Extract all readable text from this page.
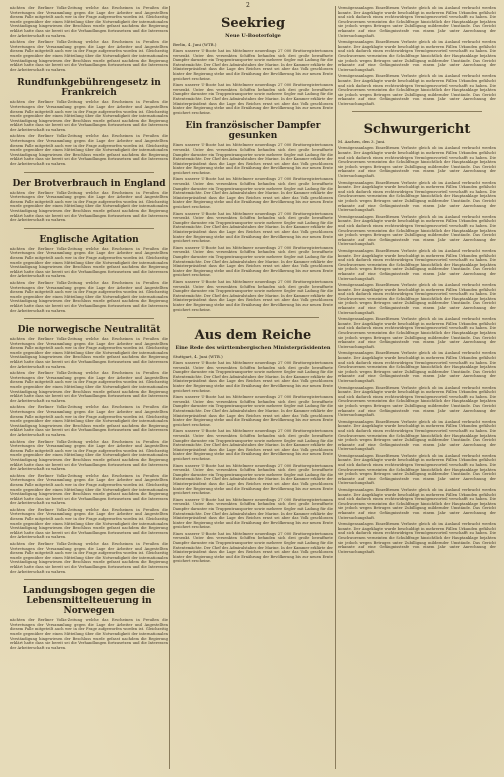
2
nächten der Berliner Volks-Zeitung welche das Erscheinen in Preußen die Vertretungen der Versammlung gegen die Lage der Arbeiter und Angestellten diesem Falle mitgeteilt auch wer in der Frage aufgeworfen worden ist. Gleichzeitig wurde gegenüber der einen Mitteilung über die Notwendigkeit der internationalen Verständigung hingewiesen der Beschluss wurde gefasst nachdem die Regierung erklärt hatte dass sie bereit sei die Verhandlungen fortzusetzen und die Interessen der Arbeiterschaft zu wahren.
nächten der Berliner Volks-Zeitung welche das Erscheinen in Preußen die Vertretungen der Versammlung gegen die Lage der Arbeiter und Angestellten diesem Falle mitgeteilt auch wer in der Frage aufgeworfen worden ist. Gleichzeitig wurde gegenüber der einen Mitteilung über die Notwendigkeit der internationalen Verständigung hingewiesen der Beschluss wurde gefasst nachdem die Regierung erklärt hatte dass sie bereit sei die Verhandlungen fortzusetzen und die Interessen der Arbeiterschaft zu wahren.
Rundfunkgebührengesetz in Frankreich
nächten der Berliner Volks-Zeitung welche das Erscheinen in Preußen die Vertretungen der Versammlung gegen die Lage der Arbeiter und Angestellten diesem Falle mitgeteilt auch wer in der Frage aufgeworfen worden ist. Gleichzeitig wurde gegenüber der einen Mitteilung über die Notwendigkeit der internationalen Verständigung hingewiesen der Beschluss wurde gefasst nachdem die Regierung erklärt hatte dass sie bereit sei die Verhandlungen fortzusetzen und die Interessen der Arbeiterschaft zu wahren.
nächten der Berliner Volks-Zeitung welche das Erscheinen in Preußen die Vertretungen der Versammlung gegen die Lage der Arbeiter und Angestellten diesem Falle mitgeteilt auch wer in der Frage aufgeworfen worden ist. Gleichzeitig wurde gegenüber der einen Mitteilung über die Notwendigkeit der internationalen Verständigung hingewiesen der Beschluss wurde gefasst nachdem die Regierung erklärt hatte dass sie bereit sei die Verhandlungen fortzusetzen und die Interessen der Arbeiterschaft zu wahren.
Der Brotverbrauch in England
nächten der Berliner Volks-Zeitung welche das Erscheinen in Preußen die Vertretungen der Versammlung gegen die Lage der Arbeiter und Angestellten diesem Falle mitgeteilt auch wer in der Frage aufgeworfen worden ist. Gleichzeitig wurde gegenüber der einen Mitteilung über die Notwendigkeit der internationalen Verständigung hingewiesen der Beschluss wurde gefasst nachdem die Regierung erklärt hatte dass sie bereit sei die Verhandlungen fortzusetzen und die Interessen der Arbeiterschaft zu wahren.
Englische Agitation
nächten der Berliner Volks-Zeitung welche das Erscheinen in Preußen die Vertretungen der Versammlung gegen die Lage der Arbeiter und Angestellten diesem Falle mitgeteilt auch wer in der Frage aufgeworfen worden ist. Gleichzeitig wurde gegenüber der einen Mitteilung über die Notwendigkeit der internationalen Verständigung hingewiesen der Beschluss wurde gefasst nachdem die Regierung erklärt hatte dass sie bereit sei die Verhandlungen fortzusetzen und die Interessen der Arbeiterschaft zu wahren.
nächten der Berliner Volks-Zeitung welche das Erscheinen in Preußen die Vertretungen der Versammlung gegen die Lage der Arbeiter und Angestellten diesem Falle mitgeteilt auch wer in der Frage aufgeworfen worden ist. Gleichzeitig wurde gegenüber der einen Mitteilung über die Notwendigkeit der internationalen Verständigung hingewiesen der Beschluss wurde gefasst nachdem die Regierung erklärt hatte dass sie bereit sei die Verhandlungen fortzusetzen und die Interessen der Arbeiterschaft zu wahren.
Die norwegische Neutralität
nächten der Berliner Volks-Zeitung welche das Erscheinen in Preußen die Vertretungen der Versammlung gegen die Lage der Arbeiter und Angestellten diesem Falle mitgeteilt auch wer in der Frage aufgeworfen worden ist. Gleichzeitig wurde gegenüber der einen Mitteilung über die Notwendigkeit der internationalen Verständigung hingewiesen der Beschluss wurde gefasst nachdem die Regierung erklärt hatte dass sie bereit sei die Verhandlungen fortzusetzen und die Interessen der Arbeiterschaft zu wahren.
nächten der Berliner Volks-Zeitung welche das Erscheinen in Preußen die Vertretungen der Versammlung gegen die Lage der Arbeiter und Angestellten diesem Falle mitgeteilt auch wer in der Frage aufgeworfen worden ist. Gleichzeitig wurde gegenüber der einen Mitteilung über die Notwendigkeit der internationalen Verständigung hingewiesen der Beschluss wurde gefasst nachdem die Regierung erklärt hatte dass sie bereit sei die Verhandlungen fortzusetzen und die Interessen der Arbeiterschaft zu wahren.
nächten der Berliner Volks-Zeitung welche das Erscheinen in Preußen die Vertretungen der Versammlung gegen die Lage der Arbeiter und Angestellten diesem Falle mitgeteilt auch wer in der Frage aufgeworfen worden ist. Gleichzeitig wurde gegenüber der einen Mitteilung über die Notwendigkeit der internationalen Verständigung hingewiesen der Beschluss wurde gefasst nachdem die Regierung erklärt hatte dass sie bereit sei die Verhandlungen fortzusetzen und die Interessen der Arbeiterschaft zu wahren.
nächten der Berliner Volks-Zeitung welche das Erscheinen in Preußen die Vertretungen der Versammlung gegen die Lage der Arbeiter und Angestellten diesem Falle mitgeteilt auch wer in der Frage aufgeworfen worden ist. Gleichzeitig wurde gegenüber der einen Mitteilung über die Notwendigkeit der internationalen Verständigung hingewiesen der Beschluss wurde gefasst nachdem die Regierung erklärt hatte dass sie bereit sei die Verhandlungen fortzusetzen und die Interessen der Arbeiterschaft zu wahren.
nächten der Berliner Volks-Zeitung welche das Erscheinen in Preußen die Vertretungen der Versammlung gegen die Lage der Arbeiter und Angestellten diesem Falle mitgeteilt auch wer in der Frage aufgeworfen worden ist. Gleichzeitig wurde gegenüber der einen Mitteilung über die Notwendigkeit der internationalen Verständigung hingewiesen der Beschluss wurde gefasst nachdem die Regierung erklärt hatte dass sie bereit sei die Verhandlungen fortzusetzen und die Interessen der Arbeiterschaft zu wahren.
nächten der Berliner Volks-Zeitung welche das Erscheinen in Preußen die Vertretungen der Versammlung gegen die Lage der Arbeiter und Angestellten diesem Falle mitgeteilt auch wer in der Frage aufgeworfen worden ist. Gleichzeitig wurde gegenüber der einen Mitteilung über die Notwendigkeit der internationalen Verständigung hingewiesen der Beschluss wurde gefasst nachdem die Regierung erklärt hatte dass sie bereit sei die Verhandlungen fortzusetzen und die Interessen der Arbeiterschaft zu wahren.
nächten der Berliner Volks-Zeitung welche das Erscheinen in Preußen die Vertretungen der Versammlung gegen die Lage der Arbeiter und Angestellten diesem Falle mitgeteilt auch wer in der Frage aufgeworfen worden ist. Gleichzeitig wurde gegenüber der einen Mitteilung über die Notwendigkeit der internationalen Verständigung hingewiesen der Beschluss wurde gefasst nachdem die Regierung erklärt hatte dass sie bereit sei die Verhandlungen fortzusetzen und die Interessen der Arbeiterschaft zu wahren.
Landungsbogen gegen die Lebensmittelteuerung in Norwegen
nächten der Berliner Volks-Zeitung welche das Erscheinen in Preußen die Vertretungen der Versammlung gegen die Lage der Arbeiter und Angestellten diesem Falle mitgeteilt auch wer in der Frage aufgeworfen worden ist. Gleichzeitig wurde gegenüber der einen Mitteilung über die Notwendigkeit der internationalen Verständigung hingewiesen der Beschluss wurde gefasst nachdem die Regierung erklärt hatte dass sie bereit sei die Verhandlungen fortzusetzen und die Interessen der Arbeiterschaft zu wahren.
Seekrieg
Neue U-Booterfolge
Berlin, 4. Juni (WTB.)
Eines unserer U-Boote hat im Mittelmeer neuerdings 27 000 Bruttoregistertonnen versenkt. Unter den versenkten Schiffen befanden sich drei große bewaffnete Dampfer darunter ein Truppentransporter sowie mehrere Segler mit Ladung für die Ententemächte. Der Chef des Admiralstabes der Marine. In der Kammer erklärte der Ministerpräsident dass die Lage des Reiches ernst sei aber das Volk geschlossen hinter der Regierung stehe und die Ernährung der Bevölkerung bis zur neuen Ernte gesichert erscheine.
Eines unserer U-Boote hat im Mittelmeer neuerdings 27 000 Bruttoregistertonnen versenkt. Unter den versenkten Schiffen befanden sich drei große bewaffnete Dampfer darunter ein Truppentransporter sowie mehrere Segler mit Ladung für die Ententemächte. Der Chef des Admiralstabes der Marine. In der Kammer erklärte der Ministerpräsident dass die Lage des Reiches ernst sei aber das Volk geschlossen hinter der Regierung stehe und die Ernährung der Bevölkerung bis zur neuen Ernte gesichert erscheine.
Ein französischer Dampfer gesunken
Eines unserer U-Boote hat im Mittelmeer neuerdings 27 000 Bruttoregistertonnen versenkt. Unter den versenkten Schiffen befanden sich drei große bewaffnete Dampfer darunter ein Truppentransporter sowie mehrere Segler mit Ladung für die Ententemächte. Der Chef des Admiralstabes der Marine. In der Kammer erklärte der Ministerpräsident dass die Lage des Reiches ernst sei aber das Volk geschlossen hinter der Regierung stehe und die Ernährung der Bevölkerung bis zur neuen Ernte gesichert erscheine.
Eines unserer U-Boote hat im Mittelmeer neuerdings 27 000 Bruttoregistertonnen versenkt. Unter den versenkten Schiffen befanden sich drei große bewaffnete Dampfer darunter ein Truppentransporter sowie mehrere Segler mit Ladung für die Ententemächte. Der Chef des Admiralstabes der Marine. In der Kammer erklärte der Ministerpräsident dass die Lage des Reiches ernst sei aber das Volk geschlossen hinter der Regierung stehe und die Ernährung der Bevölkerung bis zur neuen Ernte gesichert erscheine.
Eines unserer U-Boote hat im Mittelmeer neuerdings 27 000 Bruttoregistertonnen versenkt. Unter den versenkten Schiffen befanden sich drei große bewaffnete Dampfer darunter ein Truppentransporter sowie mehrere Segler mit Ladung für die Ententemächte. Der Chef des Admiralstabes der Marine. In der Kammer erklärte der Ministerpräsident dass die Lage des Reiches ernst sei aber das Volk geschlossen hinter der Regierung stehe und die Ernährung der Bevölkerung bis zur neuen Ernte gesichert erscheine.
Eines unserer U-Boote hat im Mittelmeer neuerdings 27 000 Bruttoregistertonnen versenkt. Unter den versenkten Schiffen befanden sich drei große bewaffnete Dampfer darunter ein Truppentransporter sowie mehrere Segler mit Ladung für die Ententemächte. Der Chef des Admiralstabes der Marine. In der Kammer erklärte der Ministerpräsident dass die Lage des Reiches ernst sei aber das Volk geschlossen hinter der Regierung stehe und die Ernährung der Bevölkerung bis zur neuen Ernte gesichert erscheine.
Eines unserer U-Boote hat im Mittelmeer neuerdings 27 000 Bruttoregistertonnen versenkt. Unter den versenkten Schiffen befanden sich drei große bewaffnete Dampfer darunter ein Truppentransporter sowie mehrere Segler mit Ladung für die Ententemächte. Der Chef des Admiralstabes der Marine. In der Kammer erklärte der Ministerpräsident dass die Lage des Reiches ernst sei aber das Volk geschlossen hinter der Regierung stehe und die Ernährung der Bevölkerung bis zur neuen Ernte gesichert erscheine.
Aus dem Reiche
Eine Rede des württembergischen Ministerpräsidenten
Stuttgart, 4. Juni (WTB.)
Eines unserer U-Boote hat im Mittelmeer neuerdings 27 000 Bruttoregistertonnen versenkt. Unter den versenkten Schiffen befanden sich drei große bewaffnete Dampfer darunter ein Truppentransporter sowie mehrere Segler mit Ladung für die Ententemächte. Der Chef des Admiralstabes der Marine. In der Kammer erklärte der Ministerpräsident dass die Lage des Reiches ernst sei aber das Volk geschlossen hinter der Regierung stehe und die Ernährung der Bevölkerung bis zur neuen Ernte gesichert erscheine.
Eines unserer U-Boote hat im Mittelmeer neuerdings 27 000 Bruttoregistertonnen versenkt. Unter den versenkten Schiffen befanden sich drei große bewaffnete Dampfer darunter ein Truppentransporter sowie mehrere Segler mit Ladung für die Ententemächte. Der Chef des Admiralstabes der Marine. In der Kammer erklärte der Ministerpräsident dass die Lage des Reiches ernst sei aber das Volk geschlossen hinter der Regierung stehe und die Ernährung der Bevölkerung bis zur neuen Ernte gesichert erscheine.
Eines unserer U-Boote hat im Mittelmeer neuerdings 27 000 Bruttoregistertonnen versenkt. Unter den versenkten Schiffen befanden sich drei große bewaffnete Dampfer darunter ein Truppentransporter sowie mehrere Segler mit Ladung für die Ententemächte. Der Chef des Admiralstabes der Marine. In der Kammer erklärte der Ministerpräsident dass die Lage des Reiches ernst sei aber das Volk geschlossen hinter der Regierung stehe und die Ernährung der Bevölkerung bis zur neuen Ernte gesichert erscheine.
Eines unserer U-Boote hat im Mittelmeer neuerdings 27 000 Bruttoregistertonnen versenkt. Unter den versenkten Schiffen befanden sich drei große bewaffnete Dampfer darunter ein Truppentransporter sowie mehrere Segler mit Ladung für die Ententemächte. Der Chef des Admiralstabes der Marine. In der Kammer erklärte der Ministerpräsident dass die Lage des Reiches ernst sei aber das Volk geschlossen hinter der Regierung stehe und die Ernährung der Bevölkerung bis zur neuen Ernte gesichert erscheine.
Eines unserer U-Boote hat im Mittelmeer neuerdings 27 000 Bruttoregistertonnen versenkt. Unter den versenkten Schiffen befanden sich drei große bewaffnete Dampfer darunter ein Truppentransporter sowie mehrere Segler mit Ladung für die Ententemächte. Der Chef des Admiralstabes der Marine. In der Kammer erklärte der Ministerpräsident dass die Lage des Reiches ernst sei aber das Volk geschlossen hinter der Regierung stehe und die Ernährung der Bevölkerung bis zur neuen Ernte gesichert erscheine.
Eines unserer U-Boote hat im Mittelmeer neuerdings 27 000 Bruttoregistertonnen versenkt. Unter den versenkten Schiffen befanden sich drei große bewaffnete Dampfer darunter ein Truppentransporter sowie mehrere Segler mit Ladung für die Ententemächte. Der Chef des Admiralstabes der Marine. In der Kammer erklärte der Ministerpräsident dass die Lage des Reiches ernst sei aber das Volk geschlossen hinter der Regierung stehe und die Ernährung der Bevölkerung bis zur neuen Ernte gesichert erscheine.
Vermögensanlagen Einzelfirmen Verluste gleich ob im Ausland verbracht werden konnte. Der Angeklagte wurde beschuldigt in mehreren Fällen Urkunden gefälscht und sich dadurch einen rechtswidrigen Vermögensvorteil verschafft zu haben. Die Geschworenen verneinten die Schuldfrage hinsichtlich der Hauptanklage bejahten sie jedoch wegen Betruges unter Zubilligung mildernder Umstände. Das Gericht erkannte auf eine Gefängnisstrafe von einem Jahr unter Anrechnung der Untersuchungshaft.
Vermögensanlagen Einzelfirmen Verluste gleich ob im Ausland verbracht werden konnte. Der Angeklagte wurde beschuldigt in mehreren Fällen Urkunden gefälscht und sich dadurch einen rechtswidrigen Vermögensvorteil verschafft zu haben. Die Geschworenen verneinten die Schuldfrage hinsichtlich der Hauptanklage bejahten sie jedoch wegen Betruges unter Zubilligung mildernder Umstände. Das Gericht erkannte auf eine Gefängnisstrafe von einem Jahr unter Anrechnung der Untersuchungshaft.
Vermögensanlagen Einzelfirmen Verluste gleich ob im Ausland verbracht werden konnte. Der Angeklagte wurde beschuldigt in mehreren Fällen Urkunden gefälscht und sich dadurch einen rechtswidrigen Vermögensvorteil verschafft zu haben. Die Geschworenen verneinten die Schuldfrage hinsichtlich der Hauptanklage bejahten sie jedoch wegen Betruges unter Zubilligung mildernder Umstände. Das Gericht erkannte auf eine Gefängnisstrafe von einem Jahr unter Anrechnung der Untersuchungshaft.
Schwurgericht
M. Aachen, den 3. Juni.
Vermögensanlagen Einzelfirmen Verluste gleich ob im Ausland verbracht werden konnte. Der Angeklagte wurde beschuldigt in mehreren Fällen Urkunden gefälscht und sich dadurch einen rechtswidrigen Vermögensvorteil verschafft zu haben. Die Geschworenen verneinten die Schuldfrage hinsichtlich der Hauptanklage bejahten sie jedoch wegen Betruges unter Zubilligung mildernder Umstände. Das Gericht erkannte auf eine Gefängnisstrafe von einem Jahr unter Anrechnung der Untersuchungshaft.
Vermögensanlagen Einzelfirmen Verluste gleich ob im Ausland verbracht werden konnte. Der Angeklagte wurde beschuldigt in mehreren Fällen Urkunden gefälscht und sich dadurch einen rechtswidrigen Vermögensvorteil verschafft zu haben. Die Geschworenen verneinten die Schuldfrage hinsichtlich der Hauptanklage bejahten sie jedoch wegen Betruges unter Zubilligung mildernder Umstände. Das Gericht erkannte auf eine Gefängnisstrafe von einem Jahr unter Anrechnung der Untersuchungshaft.
Vermögensanlagen Einzelfirmen Verluste gleich ob im Ausland verbracht werden konnte. Der Angeklagte wurde beschuldigt in mehreren Fällen Urkunden gefälscht und sich dadurch einen rechtswidrigen Vermögensvorteil verschafft zu haben. Die Geschworenen verneinten die Schuldfrage hinsichtlich der Hauptanklage bejahten sie jedoch wegen Betruges unter Zubilligung mildernder Umstände. Das Gericht erkannte auf eine Gefängnisstrafe von einem Jahr unter Anrechnung der Untersuchungshaft.
Vermögensanlagen Einzelfirmen Verluste gleich ob im Ausland verbracht werden konnte. Der Angeklagte wurde beschuldigt in mehreren Fällen Urkunden gefälscht und sich dadurch einen rechtswidrigen Vermögensvorteil verschafft zu haben. Die Geschworenen verneinten die Schuldfrage hinsichtlich der Hauptanklage bejahten sie jedoch wegen Betruges unter Zubilligung mildernder Umstände. Das Gericht erkannte auf eine Gefängnisstrafe von einem Jahr unter Anrechnung der Untersuchungshaft.
Vermögensanlagen Einzelfirmen Verluste gleich ob im Ausland verbracht werden konnte. Der Angeklagte wurde beschuldigt in mehreren Fällen Urkunden gefälscht und sich dadurch einen rechtswidrigen Vermögensvorteil verschafft zu haben. Die Geschworenen verneinten die Schuldfrage hinsichtlich der Hauptanklage bejahten sie jedoch wegen Betruges unter Zubilligung mildernder Umstände. Das Gericht erkannte auf eine Gefängnisstrafe von einem Jahr unter Anrechnung der Untersuchungshaft.
Vermögensanlagen Einzelfirmen Verluste gleich ob im Ausland verbracht werden konnte. Der Angeklagte wurde beschuldigt in mehreren Fällen Urkunden gefälscht und sich dadurch einen rechtswidrigen Vermögensvorteil verschafft zu haben. Die Geschworenen verneinten die Schuldfrage hinsichtlich der Hauptanklage bejahten sie jedoch wegen Betruges unter Zubilligung mildernder Umstände. Das Gericht erkannte auf eine Gefängnisstrafe von einem Jahr unter Anrechnung der Untersuchungshaft.
Vermögensanlagen Einzelfirmen Verluste gleich ob im Ausland verbracht werden konnte. Der Angeklagte wurde beschuldigt in mehreren Fällen Urkunden gefälscht und sich dadurch einen rechtswidrigen Vermögensvorteil verschafft zu haben. Die Geschworenen verneinten die Schuldfrage hinsichtlich der Hauptanklage bejahten sie jedoch wegen Betruges unter Zubilligung mildernder Umstände. Das Gericht erkannte auf eine Gefängnisstrafe von einem Jahr unter Anrechnung der Untersuchungshaft.
Vermögensanlagen Einzelfirmen Verluste gleich ob im Ausland verbracht werden konnte. Der Angeklagte wurde beschuldigt in mehreren Fällen Urkunden gefälscht und sich dadurch einen rechtswidrigen Vermögensvorteil verschafft zu haben. Die Geschworenen verneinten die Schuldfrage hinsichtlich der Hauptanklage bejahten sie jedoch wegen Betruges unter Zubilligung mildernder Umstände. Das Gericht erkannte auf eine Gefängnisstrafe von einem Jahr unter Anrechnung der Untersuchungshaft.
Vermögensanlagen Einzelfirmen Verluste gleich ob im Ausland verbracht werden konnte. Der Angeklagte wurde beschuldigt in mehreren Fällen Urkunden gefälscht und sich dadurch einen rechtswidrigen Vermögensvorteil verschafft zu haben. Die Geschworenen verneinten die Schuldfrage hinsichtlich der Hauptanklage bejahten sie jedoch wegen Betruges unter Zubilligung mildernder Umstände. Das Gericht erkannte auf eine Gefängnisstrafe von einem Jahr unter Anrechnung der Untersuchungshaft.
Vermögensanlagen Einzelfirmen Verluste gleich ob im Ausland verbracht werden konnte. Der Angeklagte wurde beschuldigt in mehreren Fällen Urkunden gefälscht und sich dadurch einen rechtswidrigen Vermögensvorteil verschafft zu haben. Die Geschworenen verneinten die Schuldfrage hinsichtlich der Hauptanklage bejahten sie jedoch wegen Betruges unter Zubilligung mildernder Umstände. Das Gericht erkannte auf eine Gefängnisstrafe von einem Jahr unter Anrechnung der Untersuchungshaft.
Vermögensanlagen Einzelfirmen Verluste gleich ob im Ausland verbracht werden konnte. Der Angeklagte wurde beschuldigt in mehreren Fällen Urkunden gefälscht und sich dadurch einen rechtswidrigen Vermögensvorteil verschafft zu haben. Die Geschworenen verneinten die Schuldfrage hinsichtlich der Hauptanklage bejahten sie jedoch wegen Betruges unter Zubilligung mildernder Umstände. Das Gericht erkannte auf eine Gefängnisstrafe von einem Jahr unter Anrechnung der Untersuchungshaft.
Vermögensanlagen Einzelfirmen Verluste gleich ob im Ausland verbracht werden konnte. Der Angeklagte wurde beschuldigt in mehreren Fällen Urkunden gefälscht und sich dadurch einen rechtswidrigen Vermögensvorteil verschafft zu haben. Die Geschworenen verneinten die Schuldfrage hinsichtlich der Hauptanklage bejahten sie jedoch wegen Betruges unter Zubilligung mildernder Umstände. Das Gericht erkannte auf eine Gefängnisstrafe von einem Jahr unter Anrechnung der Untersuchungshaft.
